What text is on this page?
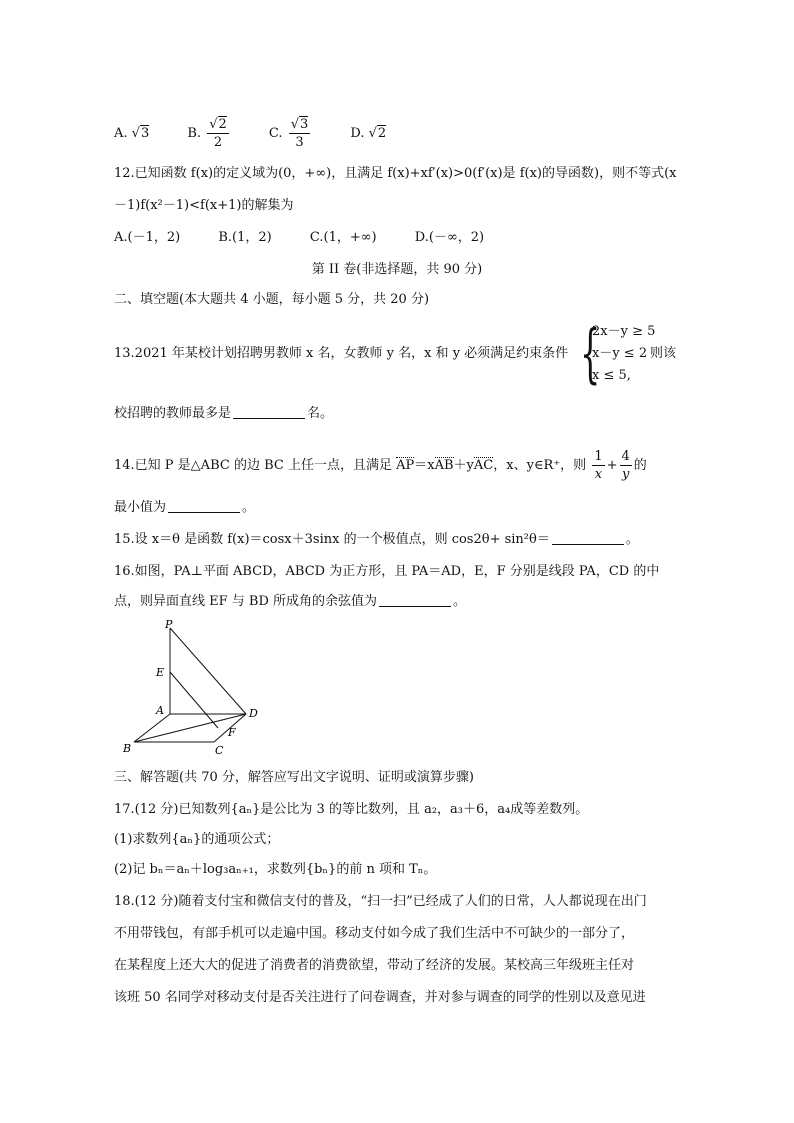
A. √3	B. $\frac{√2}{2}$	C. $\frac{√3}{3}$	D. √2
12.已知函数 f(x)的定义域为(0，+∞)，且满足 f(x)+xf′(x)>0(f′(x)是 f(x)的导函数)，则不等式(x
－1)f(x²－1)<f(x+1)的解集为
A.(－1，2)	B.(1，2)	C.(1，+∞)	D.(－∞，2)
第 II 卷(非选择题，共 90 分)
二、填空题(本大题共 4 小题，每小题 5 分，共 20 分)
13.2021 年某校计划招聘男教师 x 名，女教师 y 名，x 和 y 必须满足约束条件 {
2x－y ≥ 5
x－y ≤ 2
x ≤ 5,
则该
校招聘的教师最多是	名。
14.已知 P 是△ABC 的边 BC 上任一点，且满足 AP＝xAB＋yAC，x、y∈R⁺，则 $\frac{1}{x} + \frac{4}{y}$ 的
最小值为	。
15.设 x＝θ 是函数 f(x)＝cosx＋3sinx 的一个极值点，则 cos2θ+ sin²θ＝	。
16.如图，PA⊥平面 ABCD，ABCD 为正方形，且 PA＝AD，E，F 分别是线段 PA，CD 的中
点，则异面直线 EF 与 BD 所成角的余弦值为	。
P
E
A	D
F
B	C
三、解答题(共 70 分，解答应写出文字说明、证明或演算步骤)
17.(12 分)已知数列{aₙ}是公比为 3 的等比数列，且 a₂，a₃＋6，a₄成等差数列。
(1)求数列{aₙ}的通项公式；
(2)记 bₙ＝aₙ＋log₃aₙ₊₁，求数列{bₙ}的前 n 项和 Tₙ。
18.(12 分)随着支付宝和微信支付的普及，“扫一扫”已经成了人们的日常，人人都说现在出门
不用带钱包，有部手机可以走遍中国。移动支付如今成了我们生活中不可缺少的一部分了，
在某程度上还大大的促进了消费者的消费欲望，带动了经济的发展。某校高三年级班主任对
该班 50 名同学对移动支付是否关注进行了问卷调查，并对参与调查的同学的性别以及意见进
